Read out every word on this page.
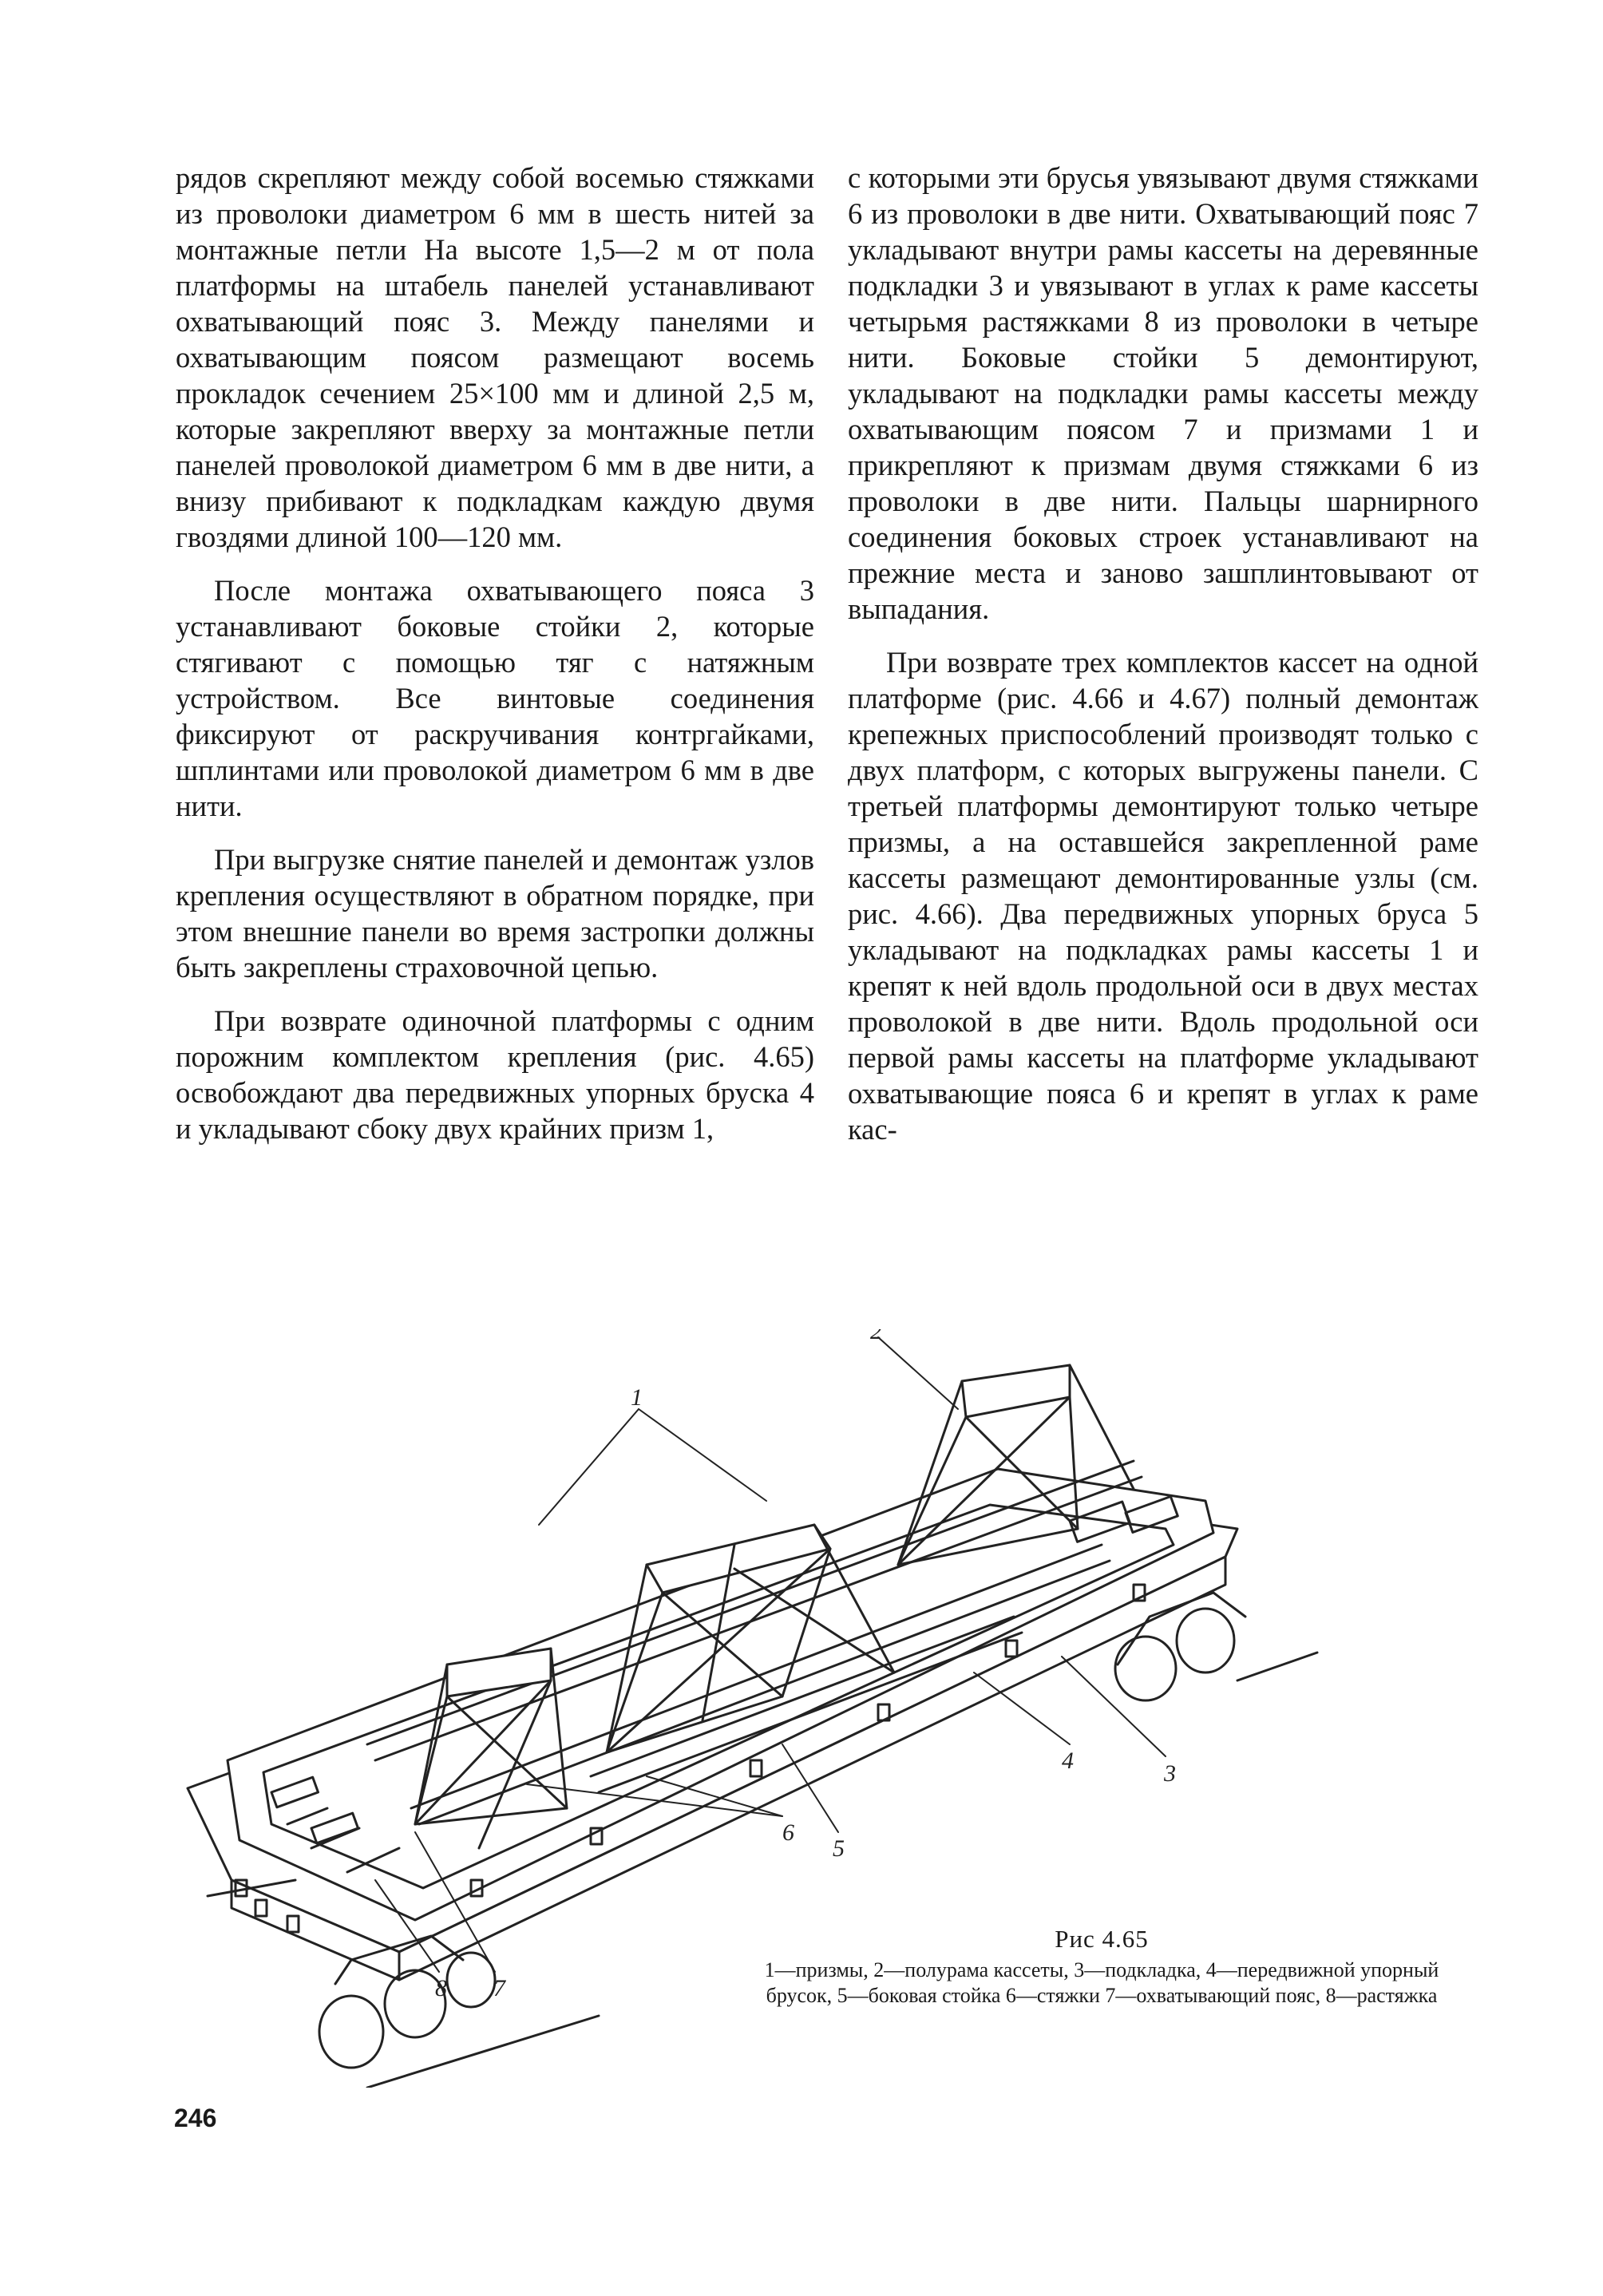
рядов скрепляют между собой восемью стяжками из проволоки диаметром 6 мм в шесть нитей за монтажные петли На высоте 1,5—2 м от пола платформы на штабель панелей устанавливают охватывающий пояс 3. Между панелями и охватывающим поясом размещают восемь прокладок сечением 25×100 мм и длиной 2,5 м, которые закрепляют вверху за монтажные петли панелей проволокой диаметром 6 мм в две нити, а внизу прибивают к подкладкам каждую двумя гвоздями длиной 100—120 мм.

После монтажа охватывающего пояса 3 устанавливают боковые стойки 2, которые стягивают с помощью тяг с натяжным устройством. Все винтовые соединения фиксируют от раскручивания контргайками, шплинтами или проволокой диаметром 6 мм в две нити.

При выгрузке снятие панелей и демонтаж узлов крепления осуществляют в обратном порядке, при этом внешние панели во время застропки должны быть закреплены страховочной цепью.

При возврате одиночной платформы с одним порожним комплектом крепления (рис. 4.65) освобождают два передвижных упорных бруска 4 и укладывают сбоку двух крайних призм 1,

с которыми эти брусья увязывают двумя стяжками 6 из проволоки в две нити. Охватывающий пояс 7 укладывают внутри рамы кассеты на деревянные подкладки 3 и увязывают в углах к раме кассеты четырьмя растяжками 8 из проволоки в четыре нити. Боковые стойки 5 демонтируют, укладывают на подкладки рамы кассеты между охватывающим поясом 7 и призмами 1 и прикрепляют к призмам двумя стяжками 6 из проволоки в две нити. Пальцы шарнирного соединения боковых строек устанавливают на прежние места и заново зашплинтовывают от выпадания.

При возврате трех комплектов кассет на одной платформе (рис. 4.66 и 4.67) полный демонтаж крепежных приспособлений производят только с двух платформ, с которых выгружены панели. С третьей платформы демонтируют только четыре призмы, а на оставшейся закрепленной раме кассеты размещают демонтированные узлы (см. рис. 4.66). Два передвижных упорных бруса 5 укладывают на подкладках рамы кассеты 1 и крепят к ней вдоль продольной оси в двух местах проволокой в две нити. Вдоль продольной оси первой рамы кассеты на платформе укладывают охватывающие пояса 6 и крепят в углах к раме кас-

1
2
3
4
5
6
7
8
Рис 4.65
1—призмы, 2—полурама кассеты, 3—подкладка, 4—передвижной упорный брусок, 5—боковая стойка 6—стяжки 7—охватывающий пояс, 8—растяжка
246
